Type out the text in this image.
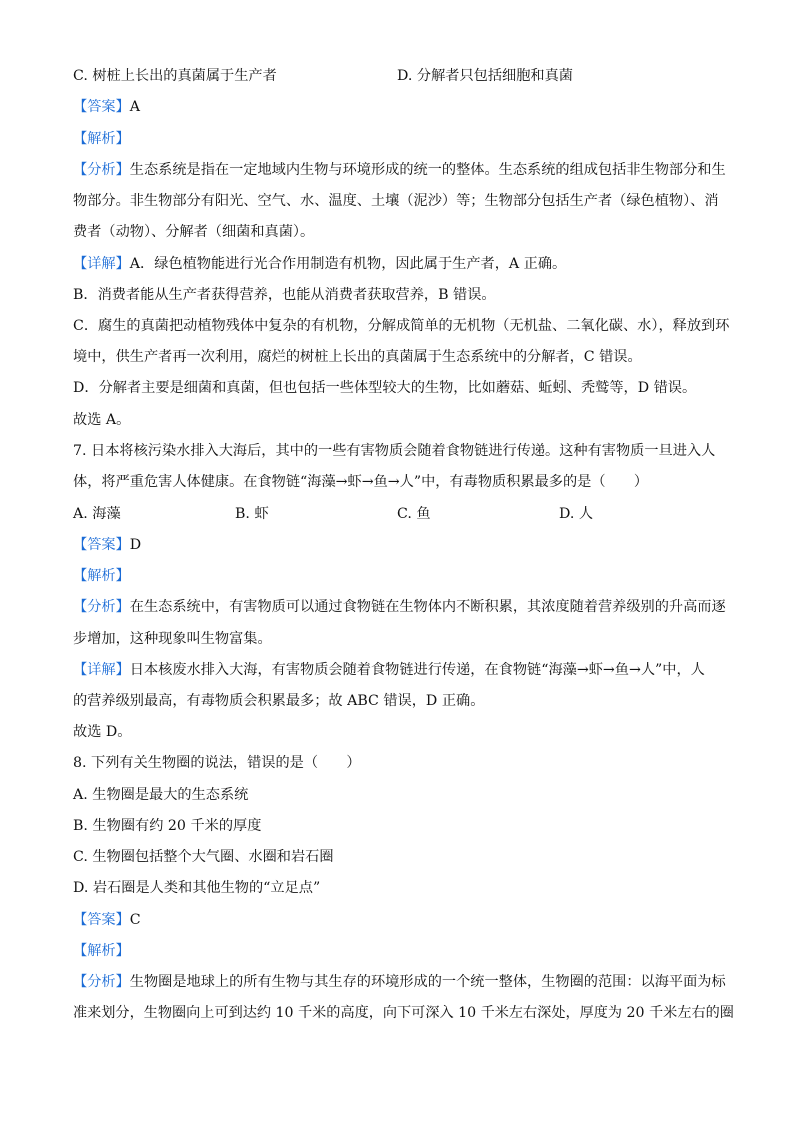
C. 树桩上长出的真菌属于生产者	D. 分解者只包括细胞和真菌
【答案】A
【解析】
【分析】生态系统是指在一定地域内生物与环境形成的统一的整体。生态系统的组成包括非生物部分和生
物部分。非生物部分有阳光、空气、水、温度、土壤（泥沙）等；生物部分包括生产者（绿色植物）、消
费者（动物）、分解者（细菌和真菌）。
【详解】A．绿色植物能进行光合作用制造有机物，因此属于生产者，A 正确。
B．消费者能从生产者获得营养，也能从消费者获取营养，B 错误。
C．腐生的真菌把动植物残体中复杂的有机物，分解成简单的无机物（无机盐、二氧化碳、水），释放到环
境中，供生产者再一次利用，腐烂的树桩上长出的真菌属于生态系统中的分解者，C 错误。
D．分解者主要是细菌和真菌，但也包括一些体型较大的生物，比如蘑菇、蚯蚓、秃鹫等，D 错误。
故选 A。
7. 日本将核污染水排入大海后，其中的一些有害物质会随着食物链进行传递。这种有害物质一旦进入人
体，将严重危害人体健康。在食物链“海藻→虾→鱼→人”中，有毒物质积累最多的是（　　）
A. 海藻	B. 虾	C. 鱼	D. 人
【答案】D
【解析】
【分析】在生态系统中，有害物质可以通过食物链在生物体内不断积累，其浓度随着营养级别的升高而逐
步增加，这种现象叫生物富集。
【详解】日本核废水排入大海，有害物质会随着食物链进行传递，在食物链“海藻→虾→鱼→人”中，人
的营养级别最高，有毒物质会积累最多；故 ABC 错误，D 正确。
故选 D。
8. 下列有关生物圈的说法，错误的是（　　）
A. 生物圈是最大的生态系统
B. 生物圈有约 20 千米的厚度
C. 生物圈包括整个大气圈、水圈和岩石圈
D. 岩石圈是人类和其他生物的“立足点”
【答案】C
【解析】
【分析】生物圈是地球上的所有生物与其生存的环境形成的一个统一整体，生物圈的范围：以海平面为标
准来划分，生物圈向上可到达约 10 千米的高度，向下可深入 10 千米左右深处，厚度为 20 千米左右的圈
